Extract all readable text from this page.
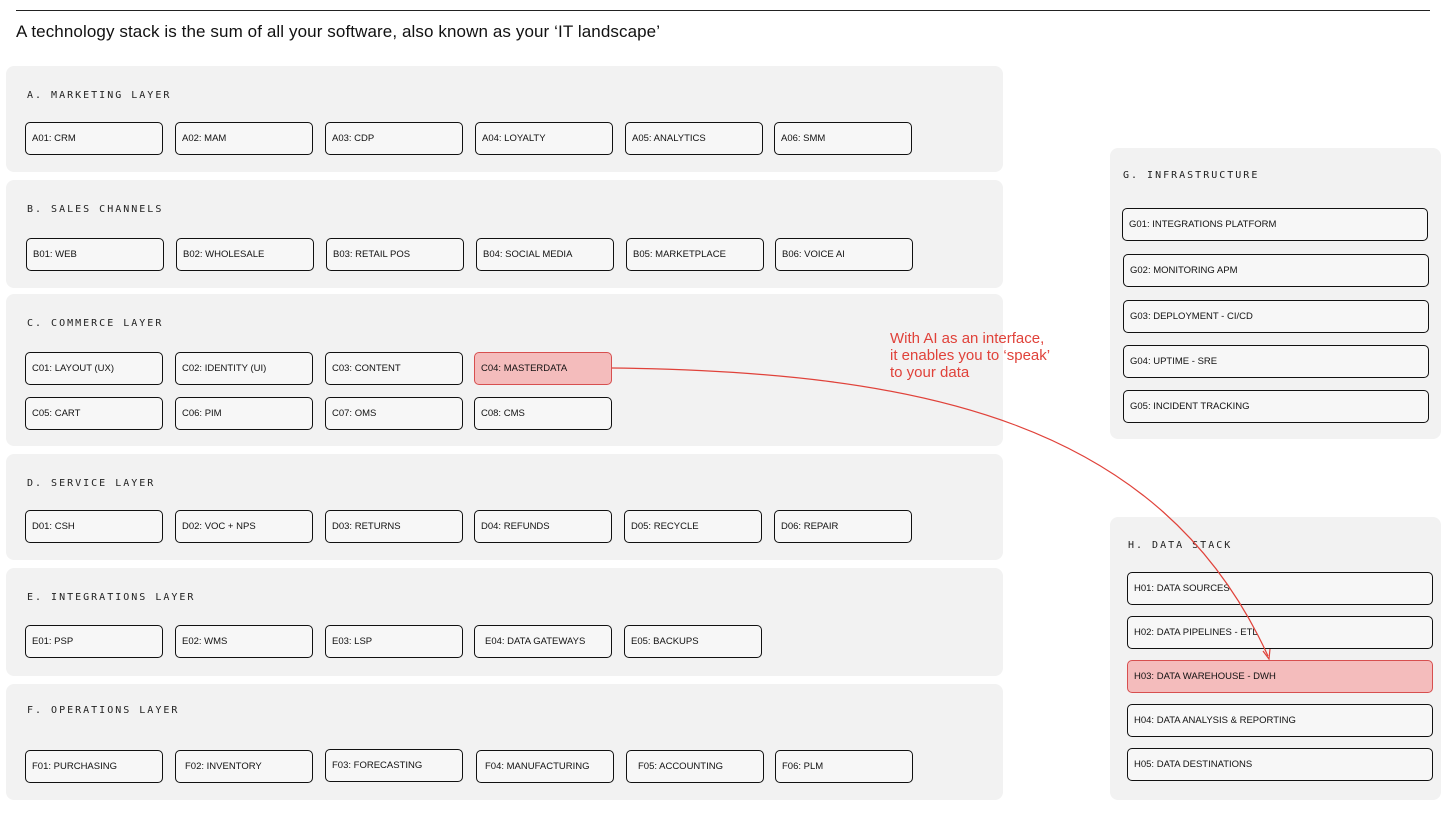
A technology stack is the sum of all your software, also known as your ‘IT landscape’
A. MARKETING LAYER
A01: CRM	A02: MAM	A03: CDP	A04: LOYALTY	A05: ANALYTICS	A06: SMM
B. SALES CHANNELS
B01: WEB	B02: WHOLESALE	B03: RETAIL POS	B04: SOCIAL MEDIA	B05: MARKETPLACE	B06: VOICE AI
C. COMMERCE LAYER
C01: LAYOUT (UX)	C02: IDENTITY (UI)	C03: CONTENT	C04: MASTERDATA
C05: CART	C06: PIM	C07: OMS	C08: CMS
D. SERVICE LAYER
D01: CSH	D02: VOC + NPS	D03: RETURNS	D04: REFUNDS	D05: RECYCLE	D06: REPAIR
E. INTEGRATIONS LAYER
E01: PSP	E02: WMS	E03: LSP	E04: DATA GATEWAYS	E05: BACKUPS
F. OPERATIONS LAYER
F01: PURCHASING	F02: INVENTORY	F03: FORECASTING	F04: MANUFACTURING	F05: ACCOUNTING	F06: PLM
G. INFRASTRUCTURE
G01: INTEGRATIONS PLATFORM
G02: MONITORING APM
G03: DEPLOYMENT - CI/CD
G04: UPTIME - SRE
G05: INCIDENT TRACKING
H. DATA STACK
H01: DATA SOURCES
H02: DATA PIPELINES - ETL
H03: DATA WAREHOUSE - DWH
H04: DATA ANALYSIS & REPORTING
H05: DATA DESTINATIONS
With AI as an interface,
it enables you to ‘speak’
to your data
